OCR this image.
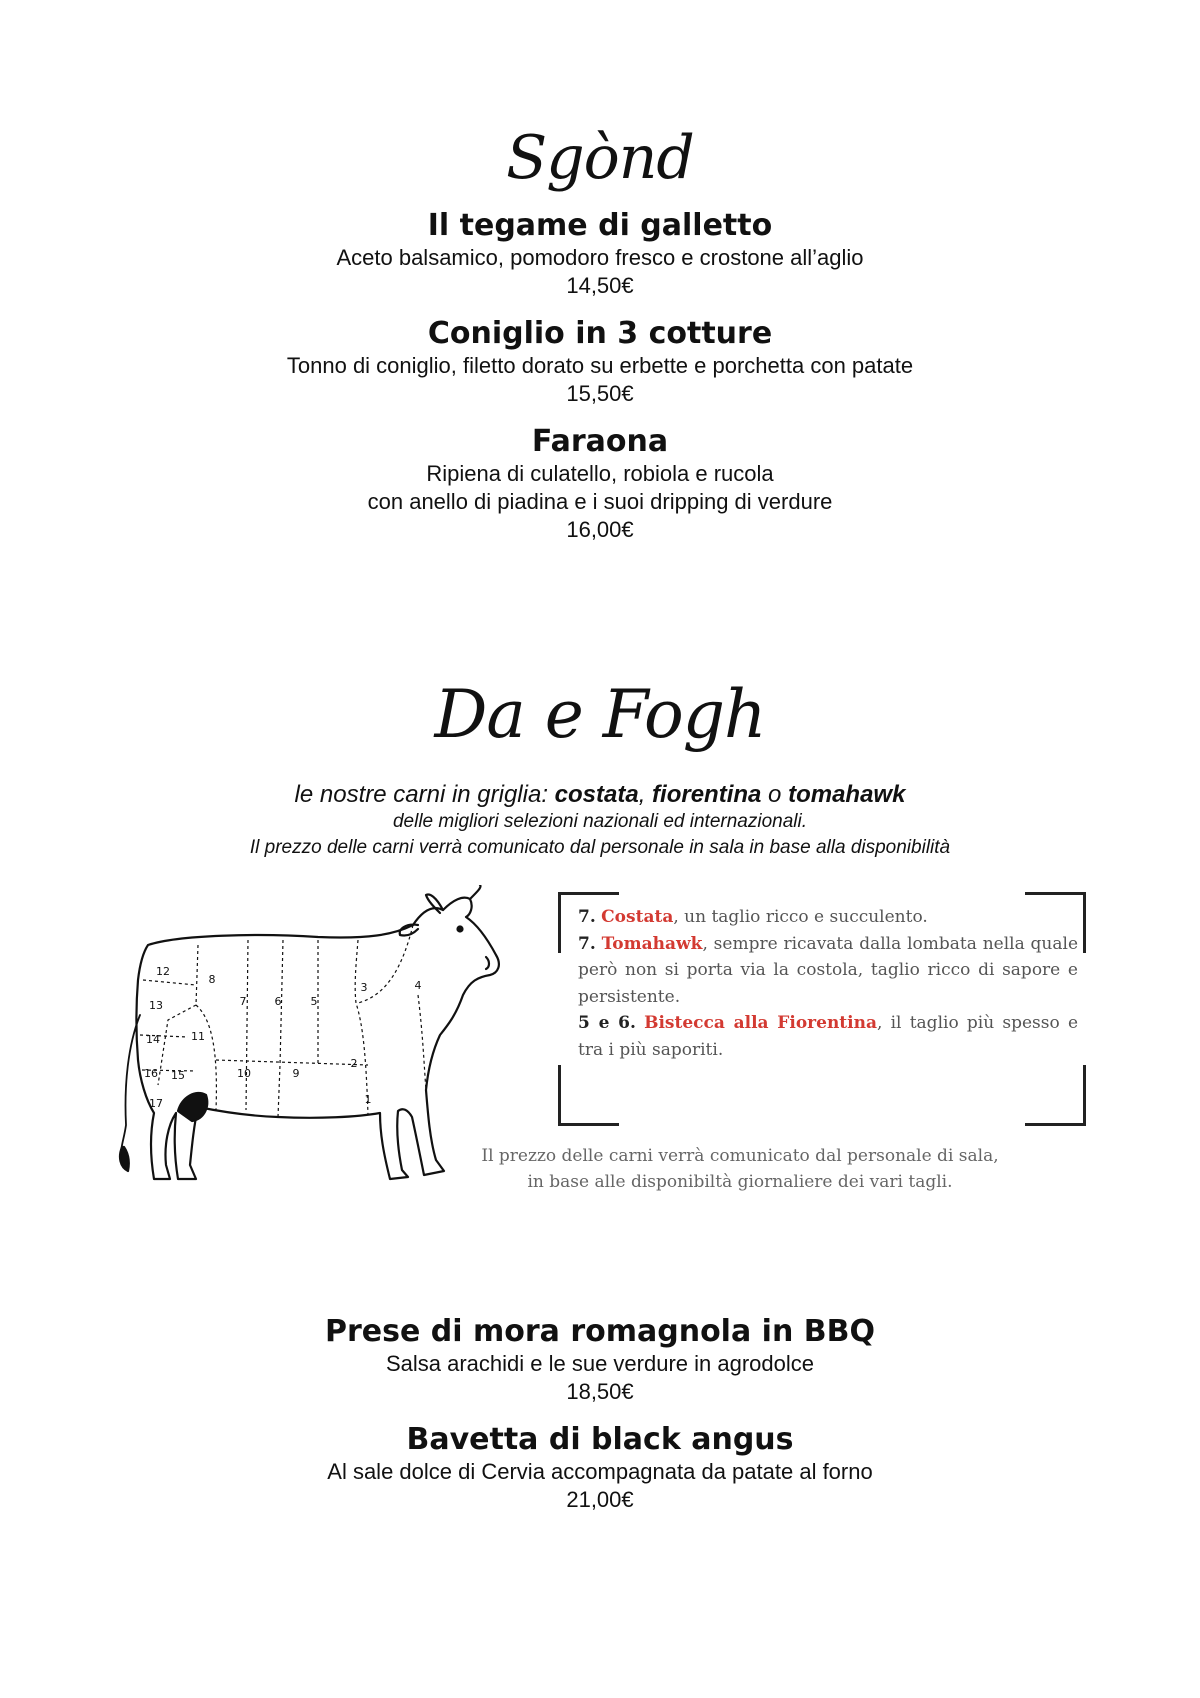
Sgònd
Il tegame di galletto
Aceto balsamico, pomodoro fresco e crostone all’aglio
14,50€
Coniglio in 3 cotture
Tonno di coniglio, filetto dorato su erbette e porchetta con patate
15,50€
Faraona
Ripiena di culatello, robiola e rucola
con anello di piadina e i suoi dripping di verdure
16,00€
Da e Fogh
le nostre carni in griglia: costata, fiorentina o tomahawk
delle migliori selezioni nazionali ed internazionali.
Il prezzo delle carni verrà comunicato dal personale in sala in base alla disponibilità
12
8
13	7	6	5
3	4
14	11
16 15	10	9
2
17	1
7. Costata, un taglio ricco e succulento.
7. Tomahawk, sempre ricavata dalla lombata nella quale però non si porta via la costola, taglio ricco di sapore e persistente.
5 e 6. Bistecca alla Fiorentina, il taglio più spesso e tra i più saporiti.
Il prezzo delle carni verrà comunicato dal personale di sala,
in base alle disponibiltà giornaliere dei vari tagli.
Prese di mora romagnola in BBQ
Salsa arachidi e le sue verdure in agrodolce
18,50€
Bavetta di black angus
Al sale dolce di Cervia accompagnata da patate al forno
21,00€
